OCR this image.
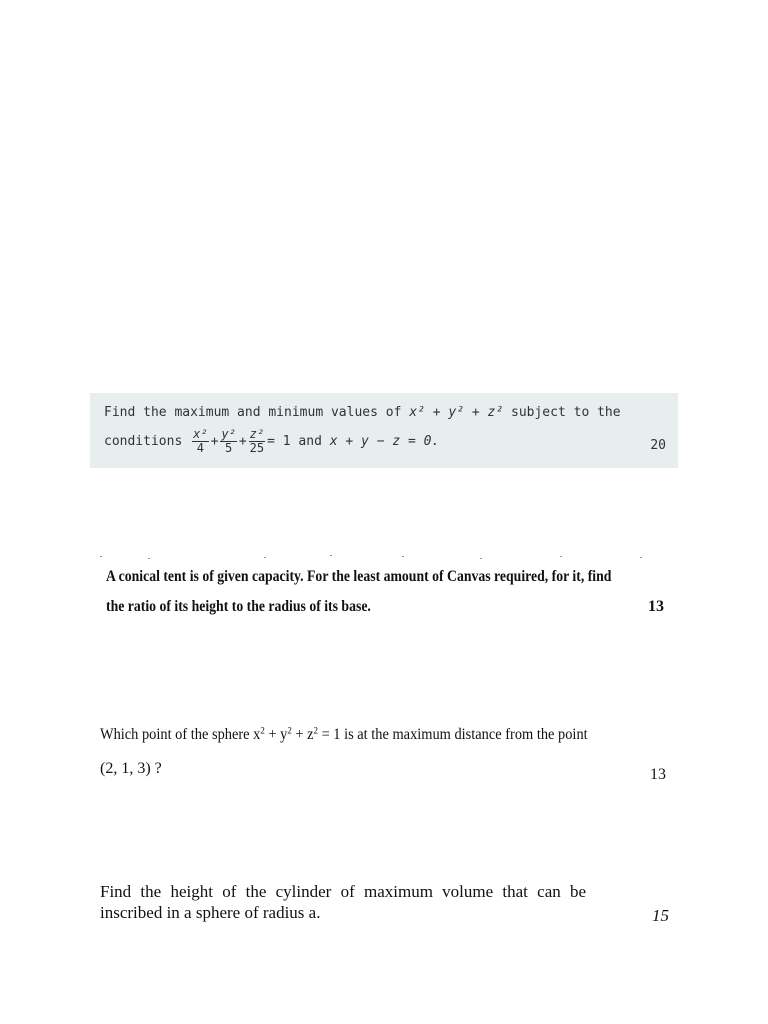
Find the maximum and minimum values of x² + y² + z² subject to the
conditions
$\frac{\text{x²}}{4} + \frac{\text{y²}}{5} + \frac{\text{z²}}{25} = 1$ and
x + y − z = 0.	20
A conical tent is of given capacity. For the least amount of Canvas required, for it, find
the ratio of its height to the radius of its base.	13
Which point of the sphere $x^2 + y^2 + z^2 = 1$ is at the maximum distance from the point
(2, 1, 3) ?	13
Find the height of the cylinder of maximum volume that can be
inscribed in a sphere of radius a.	15
